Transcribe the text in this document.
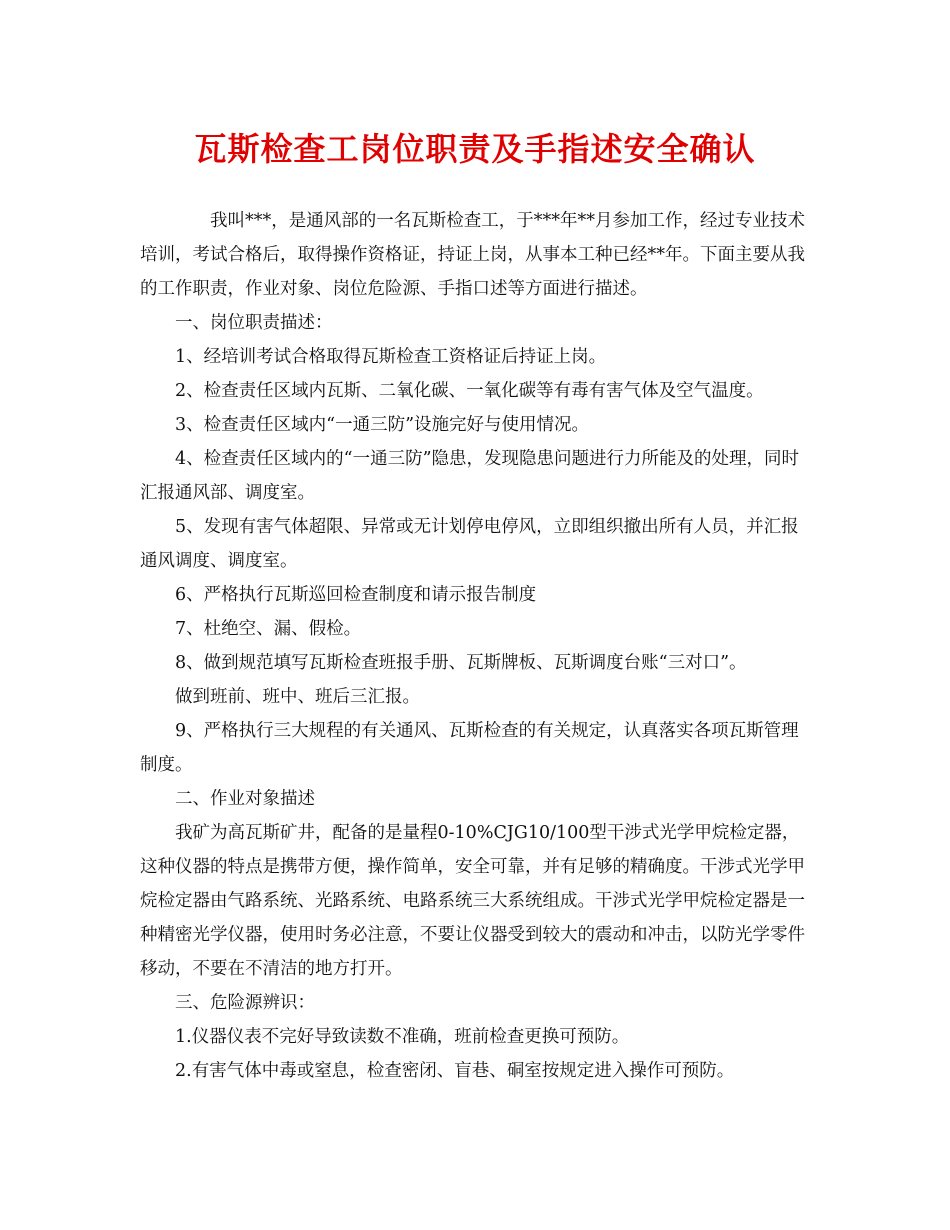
瓦斯检查工岗位职责及手指述安全确认

我叫***，是通风部的一名瓦斯检查工，于***年**月参加工作，经过专业技术培训，考试合格后，取得操作资格证，持证上岗，从事本工种已经**年。下面主要从我的工作职责，作业对象、岗位危险源、手指口述等方面进行描述。

一、岗位职责描述：

1、经培训考试合格取得瓦斯检查工资格证后持证上岗。

2、检查责任区域内瓦斯、二氧化碳、一氧化碳等有毒有害气体及空气温度。

3、检查责任区域内“一通三防”设施完好与使用情况。

4、检查责任区域内的“一通三防”隐患，发现隐患问题进行力所能及的处理，同时汇报通风部、调度室。

5、发现有害气体超限、异常或无计划停电停风，立即组织撤出所有人员，并汇报通风调度、调度室。

6、严格执行瓦斯巡回检查制度和请示报告制度

7、杜绝空、漏、假检。

8、做到规范填写瓦斯检查班报手册、瓦斯牌板、瓦斯调度台账“三对口”。

做到班前、班中、班后三汇报。

9、严格执行三大规程的有关通风、瓦斯检查的有关规定，认真落实各项瓦斯管理制度。

二、作业对象描述

我矿为高瓦斯矿井，配备的是量程0-10%CJG10/100型干涉式光学甲烷检定器，这种仪器的特点是携带方便，操作简单，安全可靠，并有足够的精确度。干涉式光学甲烷检定器由气路系统、光路系统、电路系统三大系统组成。干涉式光学甲烷检定器是一种精密光学仪器，使用时务必注意，不要让仪器受到较大的震动和冲击，以防光学零件移动，不要在不清洁的地方打开。

三、危险源辨识：

1.仪器仪表不完好导致读数不准确，班前检查更换可预防。

2.有害气体中毒或窒息，检查密闭、盲巷、硐室按规定进入操作可预防。
